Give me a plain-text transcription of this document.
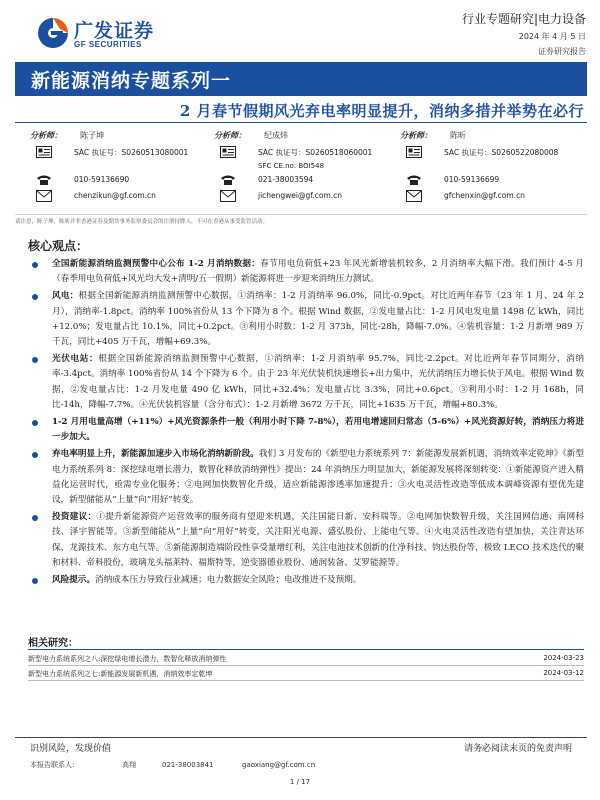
广发证券
GF SECURITIES
行业专题研究|电力设备
2024 年 4 月 5 日
证券研究报告
新能源消纳专题系列一
2 月春节假期风光弃电率明显提升，消纳多措并举势在必行
分析师： 陈子坤
SAC 执证号：S0260513080001
010-59136690
chenzikun@gf.com.cn
分析师： 纪成炜
SAC 执证号：S0260518060001
SFC CE.no: BOI548
021-38003594
jichengwei@gf.com.cn
分析师： 陈昕
SAC 执证号：S0260522080008
010-59136699
gfchenxin@gf.com.cn
请注意，陈子坤，陈昕并非香港证券及期货事务监察委员会的注册持牌人，不可在香港从事受监管活动。
核心观点：
全国新能源消纳监测预警中心公布 1-2 月消纳数据：春节用电负荷低+23 年风光新增装机较多，2 月消纳率大幅下滑。我们预计 4-5 月（春季用电负荷低+风光均大发+清明/五一假期）新能源将进一步迎来消纳压力测试。
风电：根据全国新能源消纳监测预警中心数据，①消纳率：1-2 月消纳率 96.0%，同比-0.9pct。对比近两年春节（23 年 1 月、24 年 2 月），消纳率-1.8pct。消纳率 100%省份从 13 个下降为 8 个。根据 Wind 数据，②发电量占比：1-2 月风电发电量 1498 亿 kWh，同比+12.0%；发电量占比 10.1%，同比+0.2pct。③利用小时数：1-2 月 373h，同比-28h，降幅-7.0%。④装机容量：1-2 月新增 989 万千瓦，同比+405 万千瓦，增幅+69.3%。
光伏电站：根据全国新能源消纳监测预警中心数据，①消纳率：1-2 月消纳率 95.7%，同比-2.2pct。对比近两年春节同期分，消纳率-3.4pct。消纳率 100%省份从 14 个下降为 6 个。由于 23 年光伏装机快速增长+出力集中，光伏消纳压力增长快于风电。根据 Wind 数据，②发电量占比：1-2 月发电量 490 亿 kWh，同比+32.4%；发电量占比 3.3%，同比+0.6pct。③利用小时：1-2 月 168h，同比-14h，降幅-7.7%。④光伏装机容量（含分布式）：1-2 月新增 3672 万千瓦，同比+1635 万千瓦，增幅+80.3%。
1-2 月用电量高增（+11%）+风光资源条件一般（利用小时下降 7-8%），若用电增速回归常态（5-6%）+风光资源好转，消纳压力将进一步加大。
弃电率明显上升，新能源加速步入市场化消纳新阶段。我们 3 月发布的《新型电力系统系列 7：新能源发展新机遇，消纳效率定乾坤》《新型电力系统系列 8：深挖绿电增长潜力，数智化释放消纳弹性》提出：24 年消纳压力明显加大，新能源发展将深刻转变：①新能源资产进入精益化运营时代，亟需专业化服务；②电网加快数智化升级，适应新能源渗透率加速提升；③火电灵活性改造等低成本调峰资源有望优先建设，新型储能从“上量”向“用好”转变。
投资建议：①提升新能源资产运营效率的服务商有望迎来机遇，关注国能日新、安科瑞等。②电网加快数智升级，关注国网信通、南网科技、泽宇智能等。③新型储能从“上量”向“用好”转变，关注阳光电源、盛弘股份、上能电气等。④火电灵活性改造有望加快，关注青达环保、龙源技术、东方电气等。⑤新能源制造端阶段性享受量增红利，关注电池技术创新的仕净科技、钧达股份等，极致 LECO 技术迭代的聚和材料、帝科股份，玻璃龙头福莱特、福斯特等，逆变器德业股份、通润装备、艾罗能源等。
风险提示。消纳成本压力导致行业减速；电力数据安全风险；电改推进不及预期。
相关研究：
新型电力系统系列之八:深挖绿电增长潜力，数智化释放消纳弹性	2024-03-23
新型电力系统系列之七:新能源发展新机遇，消纳效率定乾坤	2024-03-12
识别风险，发现价值	请务必阅读末页的免责声明
本报告联系人：	高翔	021-38003841	gaoxiang@gf.com.cn
1 / 17
